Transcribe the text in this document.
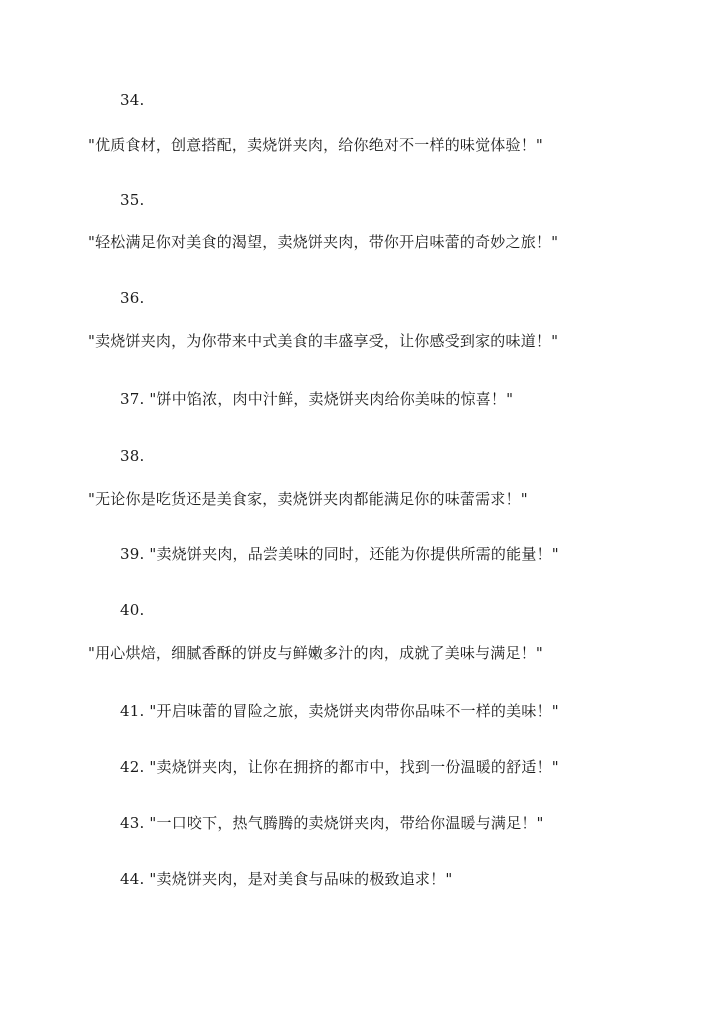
34.
"优质食材，创意搭配，卖烧饼夹肉，给你绝对不一样的味觉体验！"
35.
"轻松满足你对美食的渴望，卖烧饼夹肉，带你开启味蕾的奇妙之旅！"
36.
"卖烧饼夹肉，为你带来中式美食的丰盛享受，让你感受到家的味道！"
37. "饼中馅浓，肉中汁鲜，卖烧饼夹肉给你美味的惊喜！"
38.
"无论你是吃货还是美食家，卖烧饼夹肉都能满足你的味蕾需求！"
39. "卖烧饼夹肉，品尝美味的同时，还能为你提供所需的能量！"
40.
"用心烘焙，细腻香酥的饼皮与鲜嫩多汁的肉，成就了美味与满足！"
41. "开启味蕾的冒险之旅，卖烧饼夹肉带你品味不一样的美味！"
42. "卖烧饼夹肉，让你在拥挤的都市中，找到一份温暖的舒适！"
43. "一口咬下，热气腾腾的卖烧饼夹肉，带给你温暖与满足！"
44. "卖烧饼夹肉，是对美食与品味的极致追求！"
